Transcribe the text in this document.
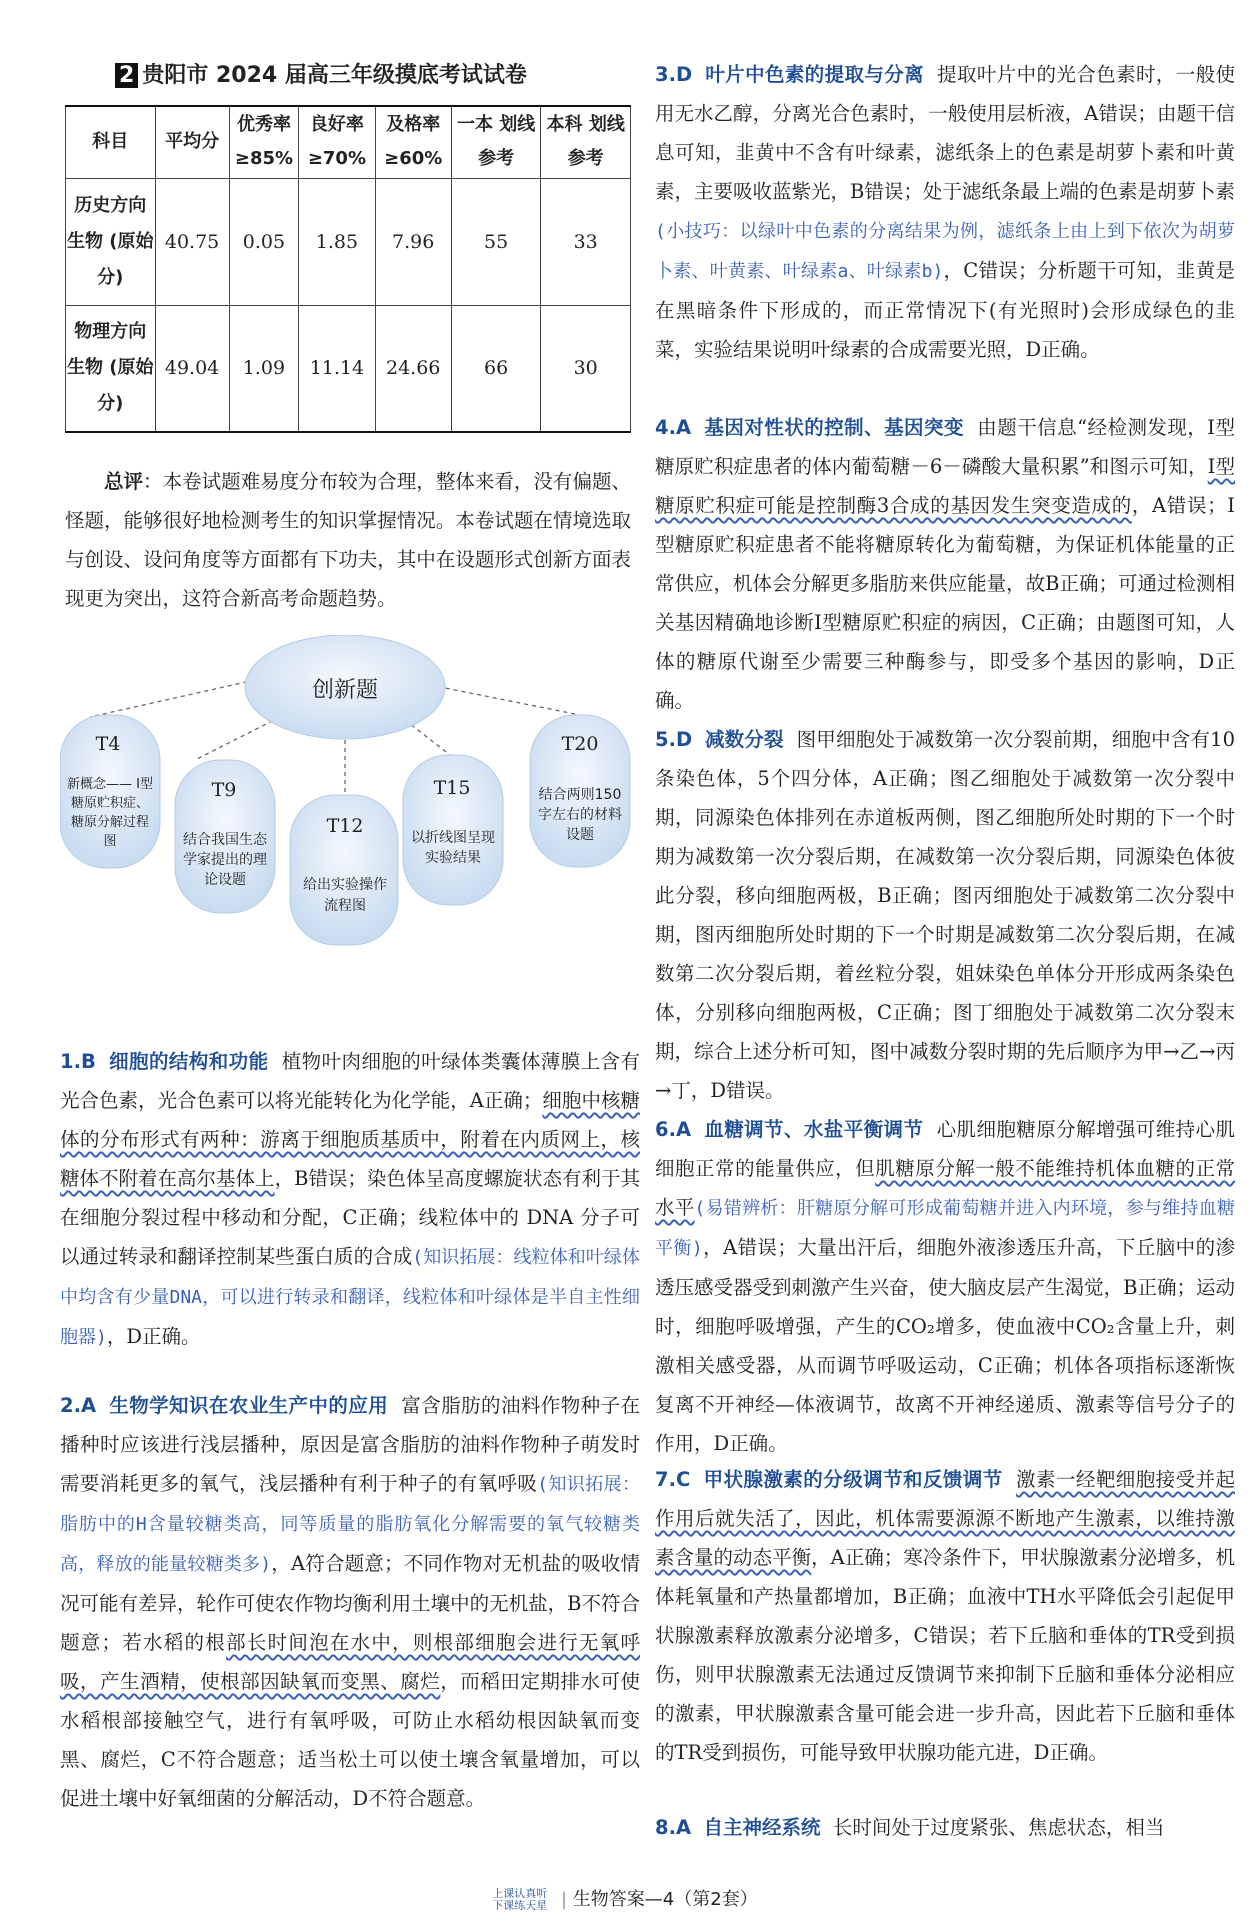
2 贵阳市 2024 届高三年级摸底考试试卷
科目	平均分	优秀率 ≥85%	良好率 ≥70%	及格率 ≥60%	一本 划线参考	本科 划线参考
历史方向 生物 (原始分)	40.75	0.05	1.85	7.96	55	33
物理方向 生物 (原始分)	49.04	1.09	11.14	24.66	66	30

总评：本卷试题难易度分布较为合理，整体来看，没有偏题、怪题，能够很好地检测考生的知识掌握情况。本卷试题在情境选取与创设、设问角度等方面都有下功夫，其中在设题形式创新方面表现更为突出，这符合新高考命题趋势。

创新题
T4
新概念—— Ⅰ型糖原贮积症、糖原分解过程图
T9
结合我国生态学家提出的理论设题
T12
给出实验操作流程图
T15
以折线图呈现实验结果
T20
结合两则150字左右的材料设题

1.B 细胞的结构和功能 植物叶肉细胞的叶绿体类囊体薄膜上含有光合色素，光合色素可以将光能转化为化学能，A正确；细胞中核糖体的分布形式有两种：游离于细胞质基质中，附着在内质网上，核糖体不附着在高尔基体上，B错误；染色体呈高度螺旋状态有利于其在细胞分裂过程中移动和分配，C正确；线粒体中的 DNA 分子可以通过转录和翻译控制某些蛋白质的合成(知识拓展：线粒体和叶绿体中均含有少量DNA，可以进行转录和翻译，线粒体和叶绿体是半自主性细胞器)，D正确。

2.A 生物学知识在农业生产中的应用 富含脂肪的油料作物种子在播种时应该进行浅层播种，原因是富含脂肪的油料作物种子萌发时需要消耗更多的氧气，浅层播种有利于种子的有氧呼吸(知识拓展：脂肪中的H含量较糖类高，同等质量的脂肪氧化分解需要的氧气较糖类高，释放的能量较糖类多)，A符合题意；不同作物对无机盐的吸收情况可能有差异，轮作可使农作物均衡利用土壤中的无机盐，B不符合题意；若水稻的根部长时间泡在水中，则根部细胞会进行无氧呼吸，产生酒精，使根部因缺氧而变黑、腐烂，而稻田定期排水可使水稻根部接触空气，进行有氧呼吸，可防止水稻幼根因缺氧而变黑、腐烂，C不符合题意；适当松土可以使土壤含氧量增加，可以促进土壤中好氧细菌的分解活动，D不符合题意。

3.D 叶片中色素的提取与分离 提取叶片中的光合色素时，一般使用无水乙醇，分离光合色素时，一般使用层析液，A错误；由题干信息可知，韭黄中不含有叶绿素，滤纸条上的色素是胡萝卜素和叶黄素，主要吸收蓝紫光，B错误；处于滤纸条最上端的色素是胡萝卜素(小技巧：以绿叶中色素的分离结果为例，滤纸条上由上到下依次为胡萝卜素、叶黄素、叶绿素a、叶绿素b)，C错误；分析题干可知，韭黄是在黑暗条件下形成的，而正常情况下(有光照时)会形成绿色的韭菜，实验结果说明叶绿素的合成需要光照，D正确。

4.A 基因对性状的控制、基因突变 由题干信息“经检测发现，Ⅰ型糖原贮积症患者的体内葡萄糖－6－磷酸大量积累”和图示可知，Ⅰ型糖原贮积症可能是控制酶3合成的基因发生突变造成的，A错误；Ⅰ型糖原贮积症患者不能将糖原转化为葡萄糖，为保证机体能量的正常供应，机体会分解更多脂肪来供应能量，故B正确；可通过检测相关基因精确地诊断Ⅰ型糖原贮积症的病因，C正确；由题图可知，人体的糖原代谢至少需要三种酶参与，即受多个基因的影响，D正确。

5.D 减数分裂 图甲细胞处于减数第一次分裂前期，细胞中含有10条染色体，5个四分体，A正确；图乙细胞处于减数第一次分裂中期，同源染色体排列在赤道板两侧，图乙细胞所处时期的下一个时期为减数第一次分裂后期，在减数第一次分裂后期，同源染色体彼此分裂，移向细胞两极，B正确；图丙细胞处于减数第二次分裂中期，图丙细胞所处时期的下一个时期是减数第二次分裂后期，在减数第二次分裂后期，着丝粒分裂，姐妹染色单体分开形成两条染色体，分别移向细胞两极，C正确；图丁细胞处于减数第二次分裂末期，综合上述分析可知，图中减数分裂时期的先后顺序为甲→乙→丙→丁，D错误。

6.A 血糖调节、水盐平衡调节 心肌细胞糖原分解增强可维持心肌细胞正常的能量供应，但肌糖原分解一般不能维持机体血糖的正常水平(易错辨析：肝糖原分解可形成葡萄糖并进入内环境，参与维持血糖平衡)，A错误；大量出汗后，细胞外液渗透压升高，下丘脑中的渗透压感受器受到刺激产生兴奋，使大脑皮层产生渴觉，B正确；运动时，细胞呼吸增强，产生的CO₂增多，使血液中CO₂含量上升，刺激相关感受器，从而调节呼吸运动，C正确；机体各项指标逐渐恢复离不开神经—体液调节，故离不开神经递质、激素等信号分子的作用，D正确。

7.C 甲状腺激素的分级调节和反馈调节 激素一经靶细胞接受并起作用后就失活了，因此，机体需要源源不断地产生激素，以维持激素含量的动态平衡，A正确；寒冷条件下，甲状腺激素分泌增多，机体耗氧量和产热量都增加，B正确；血液中TH水平降低会引起促甲状腺激素释放激素分泌增多，C错误；若下丘脑和垂体的TR受到损伤，则甲状腺激素无法通过反馈调节来抑制下丘脑和垂体分泌相应的激素，甲状腺激素含量可能会进一步升高，因此若下丘脑和垂体的TR受到损伤，可能导致甲状腺功能亢进，D正确。

8.A 自主神经系统 长时间处于过度紧张、焦虑状态，相当

上课认真听
下课练天星 | 生物答案—4（第2套）
